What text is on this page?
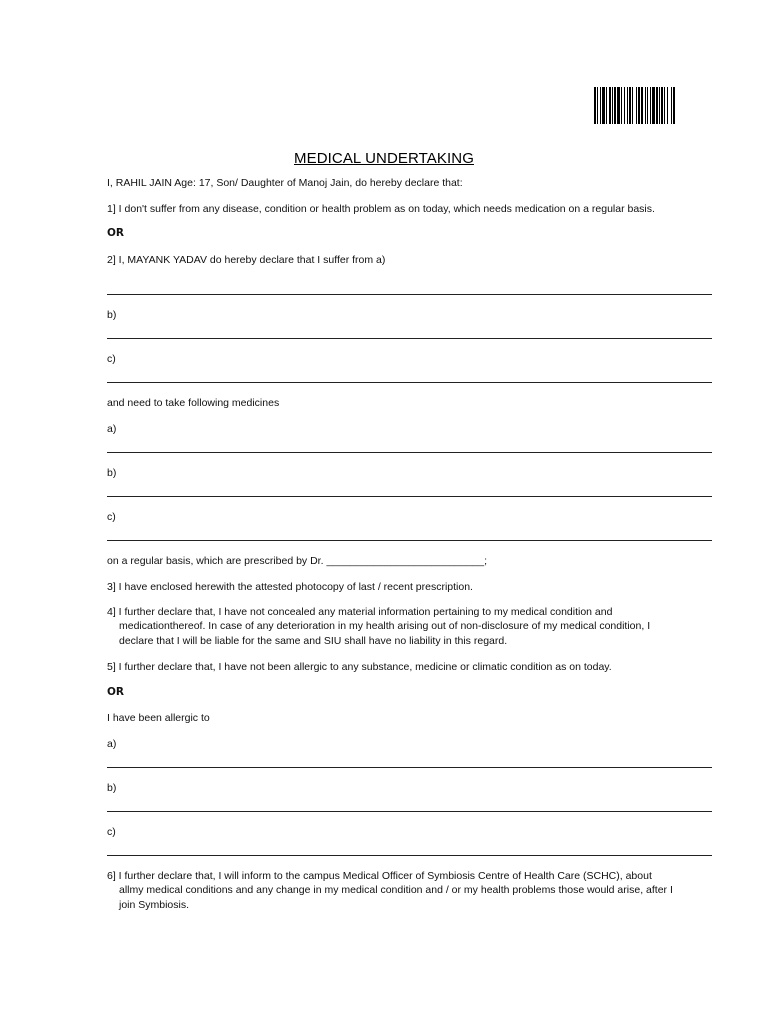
MEDICAL UNDERTAKING
I, RAHIL JAIN Age: 17, Son/ Daughter of Manoj Jain, do hereby declare that:
1] I don't suffer from any disease, condition or health problem as on today, which needs medication on a regular basis.
OR
2] I, MAYANK YADAV do hereby declare that I suffer from a)
b)
c)
and need to take following medicines
a)
b)
c)
on a regular basis, which are prescribed by Dr. ___________________________;
3] I have enclosed herewith the attested photocopy of last / recent prescription.
4] I further declare that, I have not concealed any material information pertaining to my medical condition and
medicationthereof. In case of any deterioration in my health arising out of non-disclosure of my medical condition, I
declare that I will be liable for the same and SIU shall have no liability in this regard.
5] I further declare that, I have not been allergic to any substance, medicine or climatic condition as on today.
OR
I have been allergic to
a)
b)
c)
6] I further declare that, I will inform to the campus Medical Officer of Symbiosis Centre of Health Care (SCHC), about
allmy medical conditions and any change in my medical condition and / or my health problems those would arise, after I
join Symbiosis.
